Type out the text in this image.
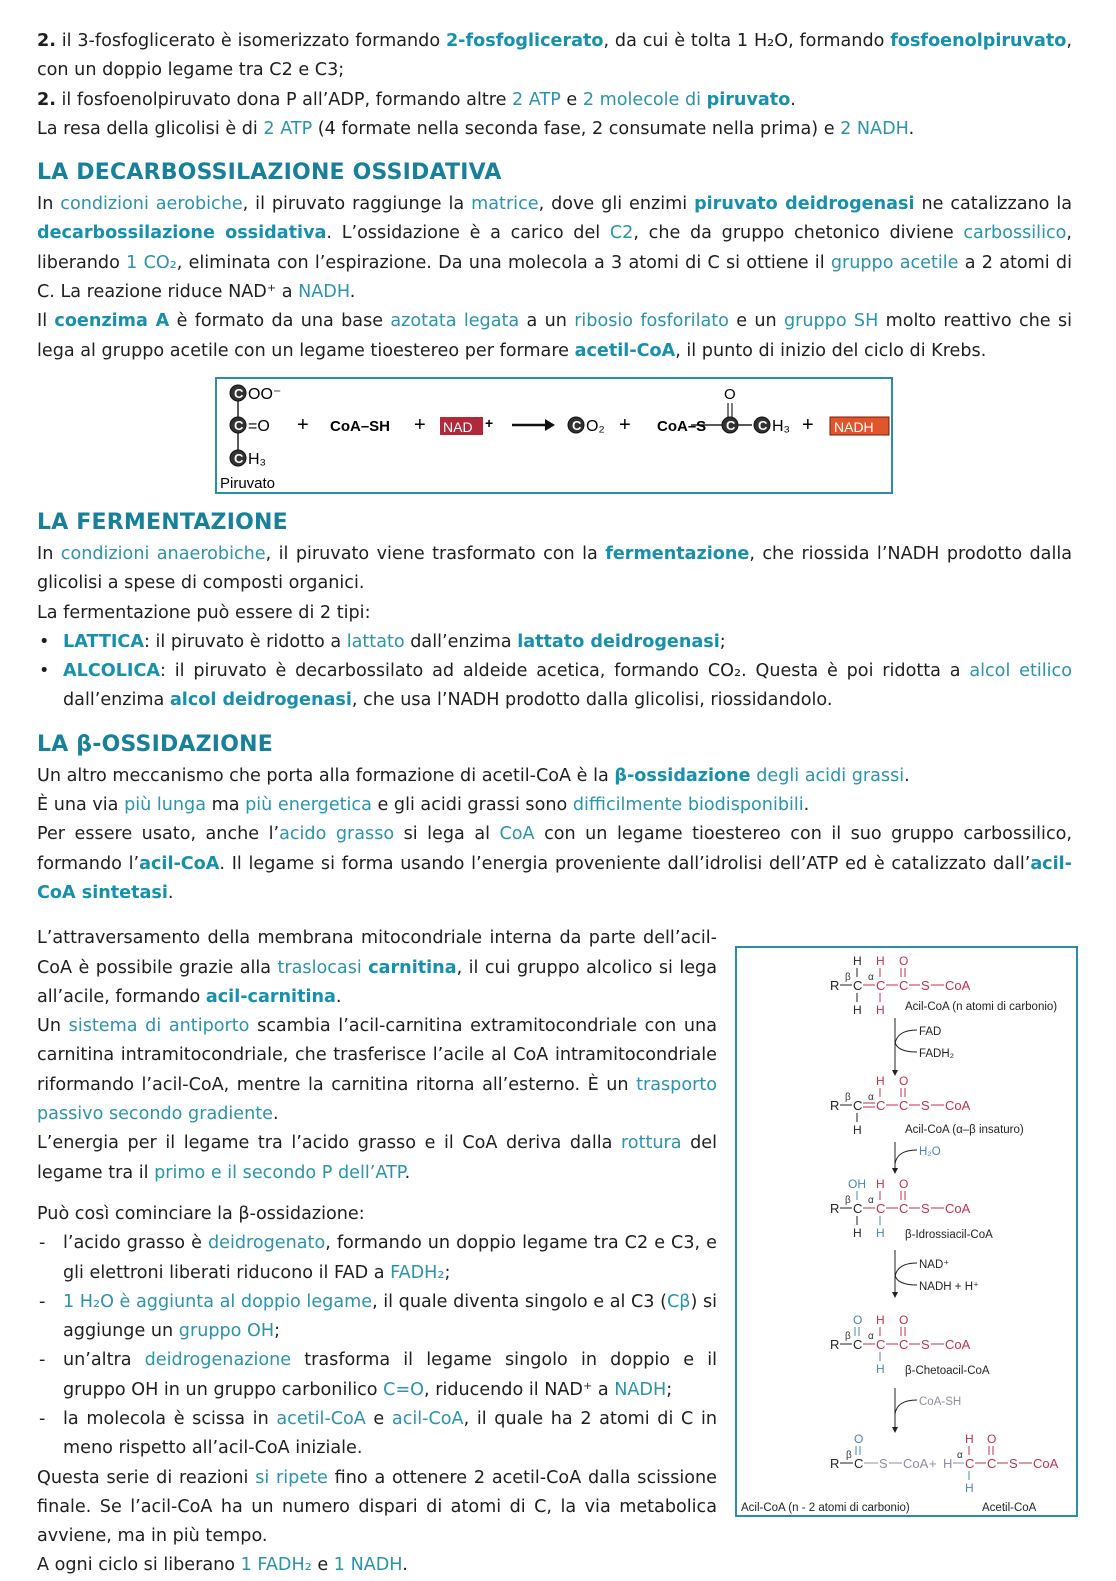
2. il 3-fosfoglicerato è isomerizzato formando 2-fosfoglicerato, da cui è tolta 1 H₂O, formando fosfoenolpiruvato, con un doppio legame tra C2 e C3;

2. il fosfoenolpiruvato dona P all’ADP, formando altre 2 ATP e 2 molecole di piruvato.

La resa della glicolisi è di 2 ATP (4 formate nella seconda fase, 2 consumate nella prima) e 2 NADH.

LA DECARBOSSILAZIONE OSSIDATIVA

In condizioni aerobiche, il piruvato raggiunge la matrice, dove gli enzimi piruvato deidrogenasi ne catalizzano la decarbossilazione ossidativa. L’ossidazione è a carico del C2, che da gruppo chetonico diviene carbossilico, liberando 1 CO₂, eliminata con l’espirazione. Da una molecola a 3 atomi di C si ottiene il gruppo acetile a 2 atomi di C. La reazione riduce NAD⁺ a NADH.

Il coenzima A è formato da una base azotata legata a un ribosio fosforilato e un gruppo SH molto reattivo che si lega al gruppo acetile con un legame tioestereo per formare acetil-CoA, il punto di inizio del ciclo di Krebs.

C
C
C
OO⁻
=O
H₃
Piruvato
+ CoA–SH + NAD +	C O₂ + CoA–S
O
C C H₃ + NADH
LA FERMENTAZIONE

In condizioni anaerobiche, il piruvato viene trasformato con la fermentazione, che riossida l’NADH prodotto dalla glicolisi a spese di composti organici.

La fermentazione può essere di 2 tipi:

• LATTICA: il piruvato è ridotto a lattato dall’enzima lattato deidrogenasi;
• ALCOLICA: il piruvato è decarbossilato ad aldeide acetica, formando CO₂. Questa è poi ridotta a alcol etilico dall’enzima alcol deidrogenasi, che usa l’NADH prodotto dalla glicolisi, riossidandolo.
LA β-OSSIDAZIONE

Un altro meccanismo che porta alla formazione di acetil-CoA è la β-ossidazione degli acidi grassi.

È una via più lunga ma più energetica e gli acidi grassi sono difficilmente biodisponibili.

Per essere usato, anche l’acido grasso si lega al CoA con un legame tioestereo con il suo gruppo carbossilico, formando l’acil-CoA. Il legame si forma usando l’energia proveniente dall’idrolisi dell’ATP ed è catalizzato dall’acil-CoA sintetasi.

R C
β
H
H
C
α
H
H
C
O
S CoA
R C
β
H
C
α
H
C
O
S CoA
R C
β
OH
H
C
α
H
H
C
O
S CoA
R C
β
O
C
α
H
H
C
O
S CoA
R C
β
O
S CoA + H C
α
H
H
C
O
S CoA
Acil-CoA (n atomi di carbonio)
Acil-CoA (α–β insaturo)
β-Idrossiacil-CoA
β-Chetoacil-CoA
Acil-CoA (n - 2 atomi di carbonio)	Acetil-CoA
FAD
FADH₂
H₂O
NAD⁺
NADH + H⁺
CoA-SH

L’attraversamento della membrana mitocondriale interna da parte dell’acil-CoA è possibile grazie alla traslocasi carnitina, il cui gruppo alcolico si lega all’acile, formando acil-carnitina.

Un sistema di antiporto scambia l’acil-carnitina extramitocondriale con una carnitina intramitocondriale, che trasferisce l’acile al CoA intramitocondriale riformando l’acil-CoA, mentre la carnitina ritorna all’esterno. È un trasporto passivo secondo gradiente.

L’energia per il legame tra l’acido grasso e il CoA deriva dalla rottura del legame tra il primo e il secondo P dell’ATP.

Può così cominciare la β-ossidazione:

- l’acido grasso è deidrogenato, formando un doppio legame tra C2 e C3, e gli elettroni liberati riducono il FAD a FADH₂;
- 1 H₂O è aggiunta al doppio legame, il quale diventa singolo e al C3 (Cβ) si aggiunge un gruppo OH;
- un’altra deidrogenazione trasforma il legame singolo in doppio e il gruppo OH in un gruppo carbonilico C=O, riducendo il NAD⁺ a NADH;
- la molecola è scissa in acetil-CoA e acil-CoA, il quale ha 2 atomi di C in meno rispetto all’acil-CoA iniziale.

Questa serie di reazioni si ripete fino a ottenere 2 acetil-CoA dalla scissione finale. Se l’acil-CoA ha un numero dispari di atomi di C, la via metabolica avviene, ma in più tempo.

A ogni ciclo si liberano 1 FADH₂ e 1 NADH.
